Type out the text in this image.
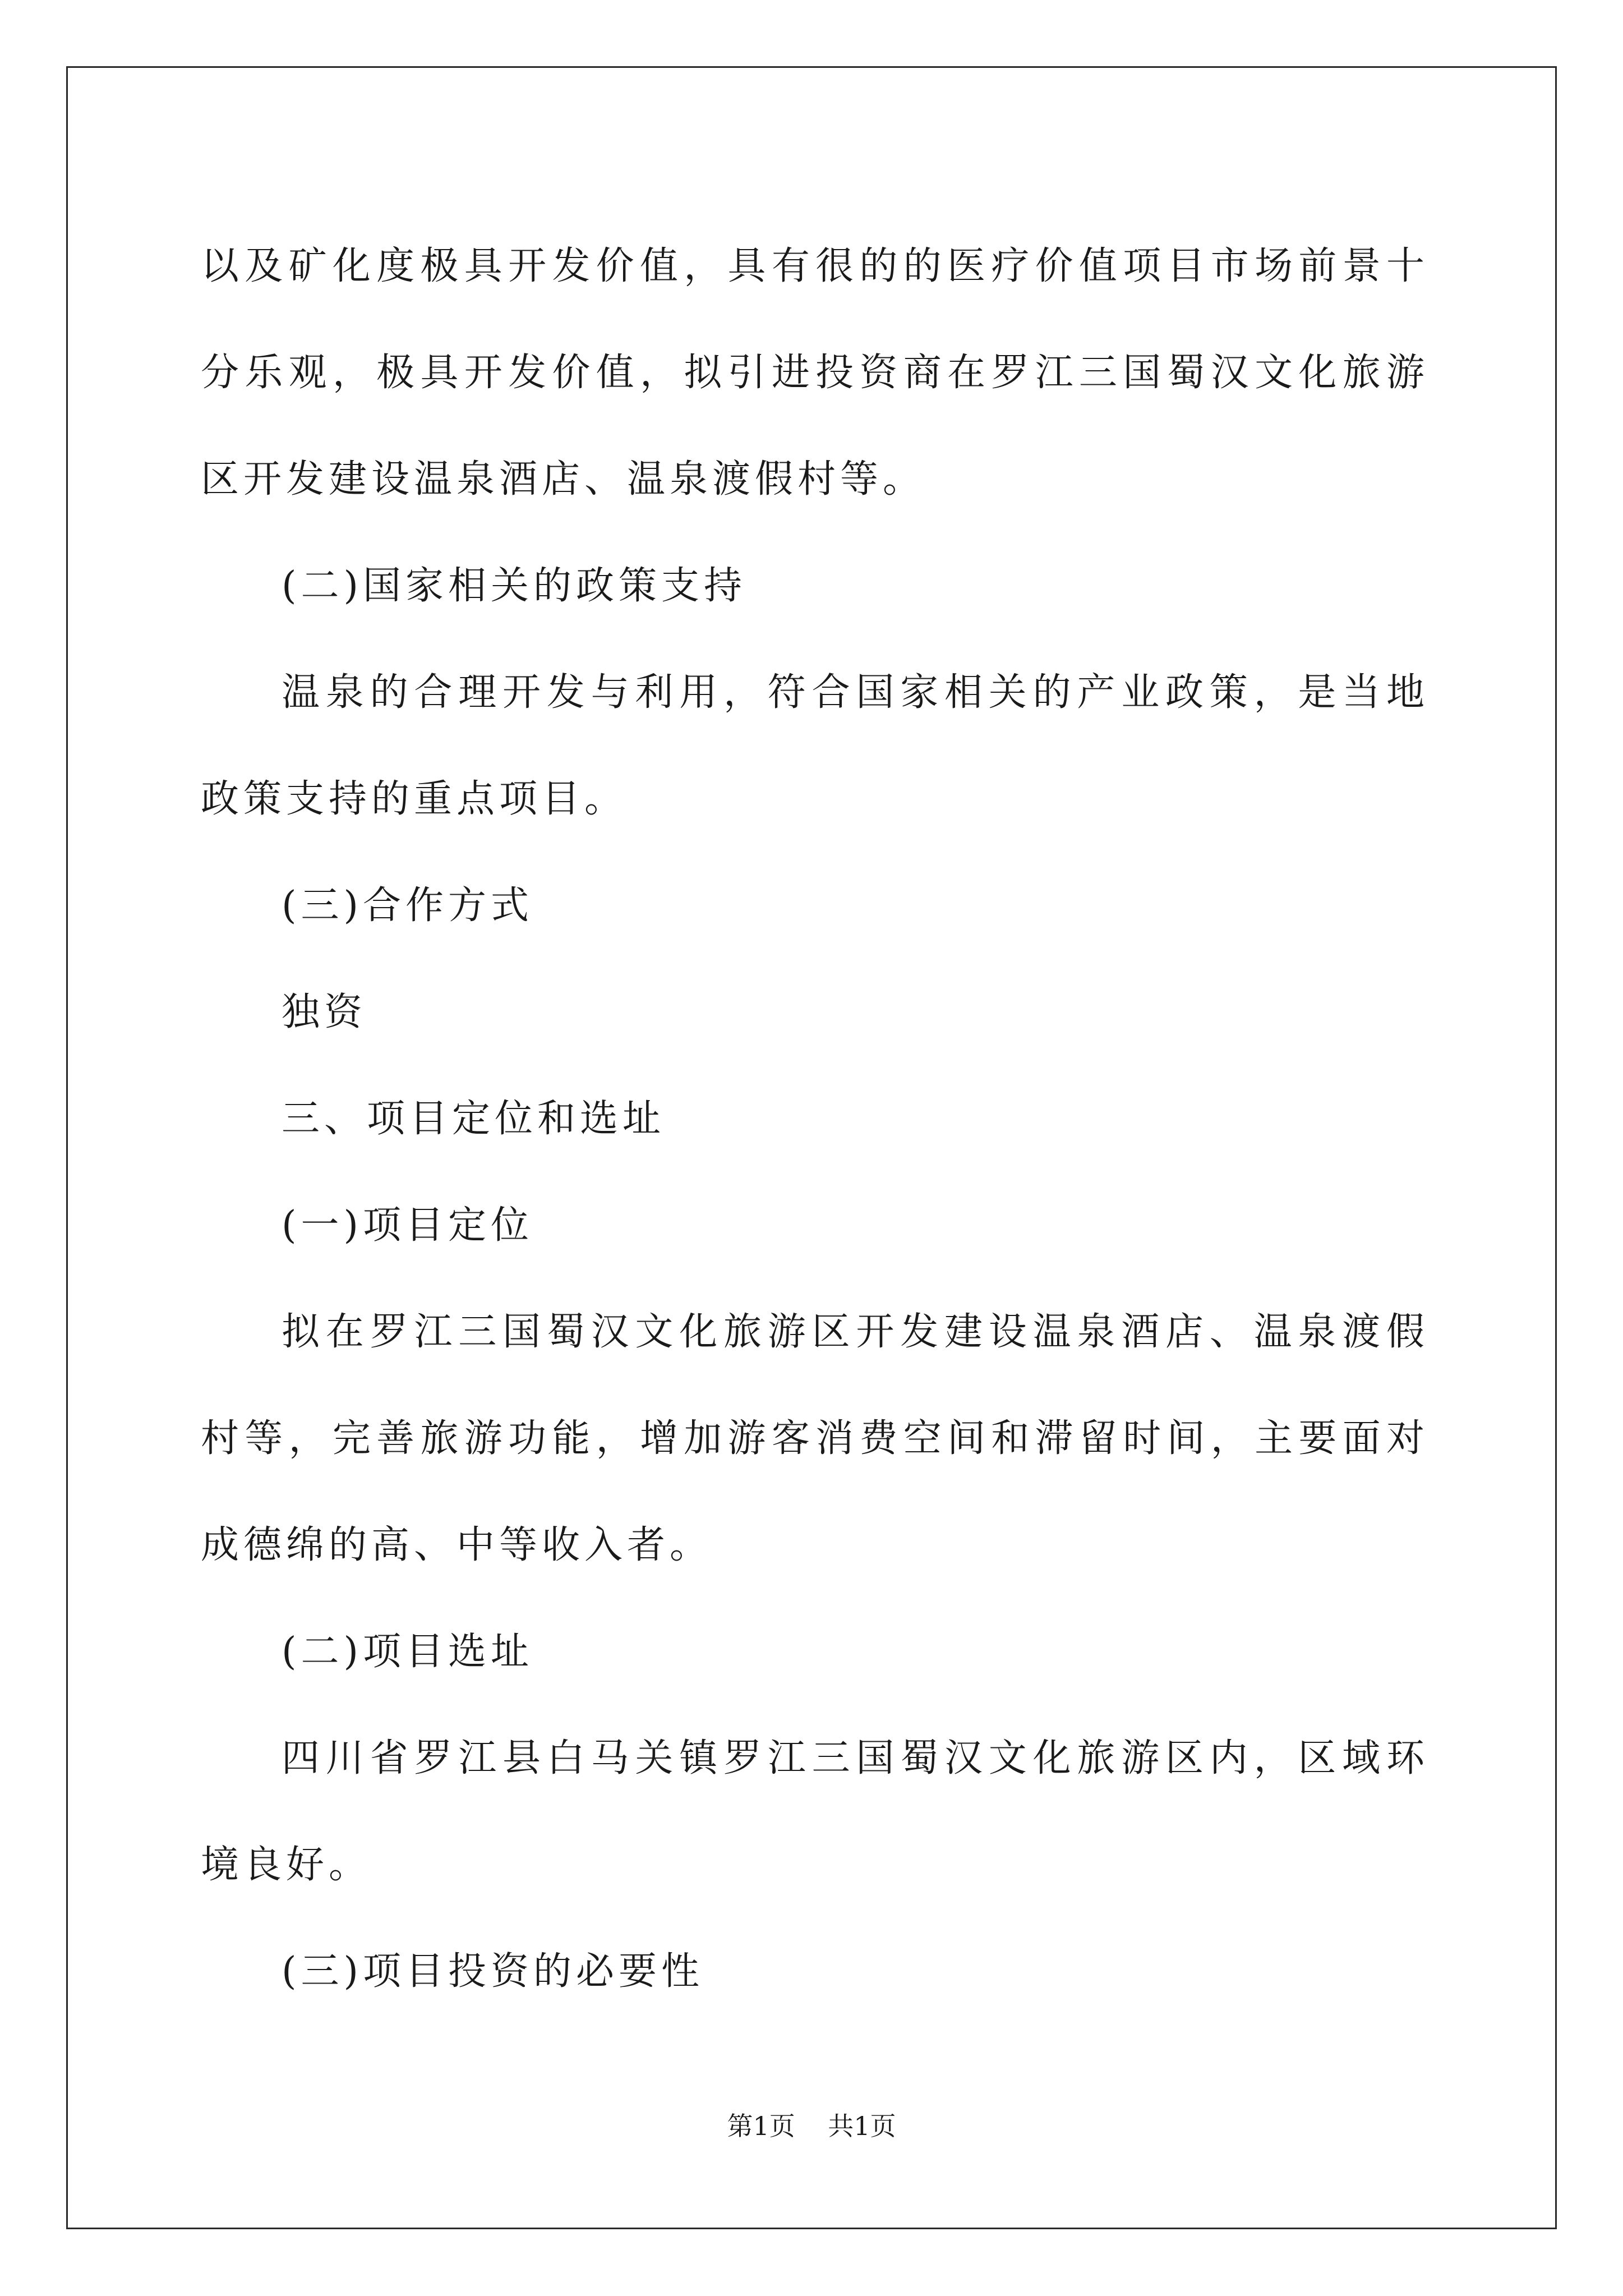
以及矿化度极具开发价值，具有很的的医疗价值项目市场前景十分乐观，极具开发价值，拟引进投资商在罗江三国蜀汉文化旅游区开发建设温泉酒店、温泉渡假村等。

(二)国家相关的政策支持

温泉的合理开发与利用，符合国家相关的产业政策，是当地政策支持的重点项目。

(三)合作方式

独资

三、项目定位和选址

(一)项目定位

拟在罗江三国蜀汉文化旅游区开发建设温泉酒店、温泉渡假村等，完善旅游功能，增加游客消费空间和滞留时间，主要面对成德绵的高、中等收入者。

(二)项目选址

四川省罗江县白马关镇罗江三国蜀汉文化旅游区内，区域环境良好。

(三)项目投资的必要性

第1页 共1页
